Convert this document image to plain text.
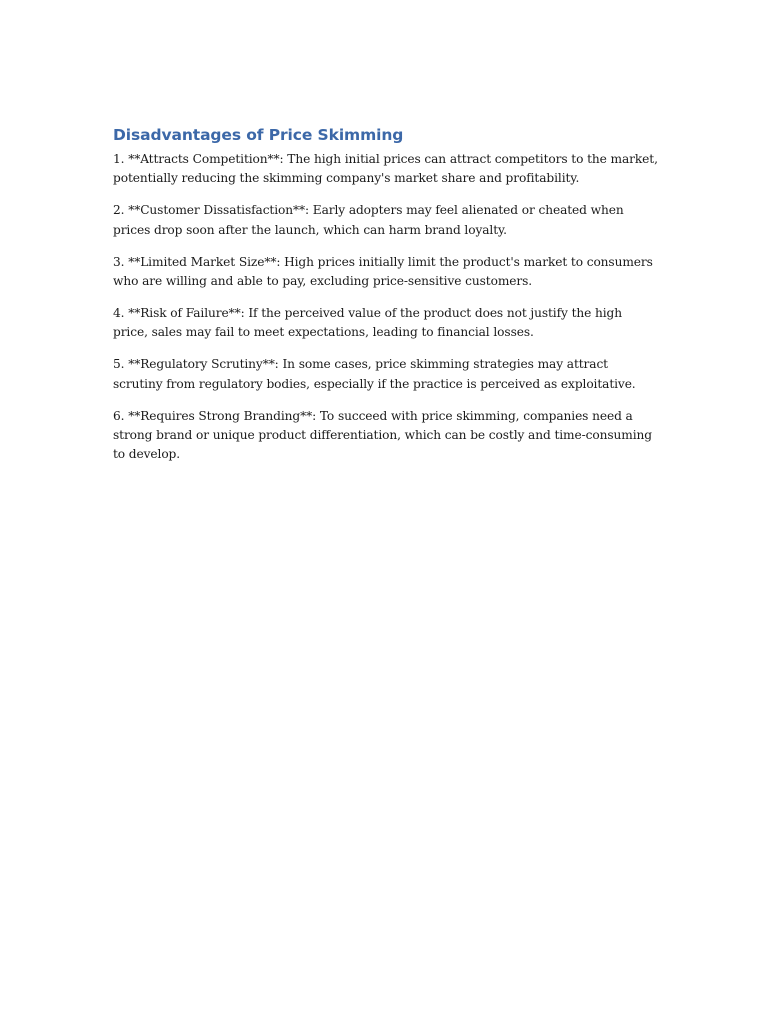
Disadvantages of Price Skimming

1. **Attracts Competition**: The high initial prices can attract competitors to the market, potentially reducing the skimming company's market share and profitability.

2. **Customer Dissatisfaction**: Early adopters may feel alienated or cheated when prices drop soon after the launch, which can harm brand loyalty.

3. **Limited Market Size**: High prices initially limit the product's market to consumers who are willing and able to pay, excluding price-sensitive customers.

4. **Risk of Failure**: If the perceived value of the product does not justify the high price, sales may fail to meet expectations, leading to financial losses.

5. **Regulatory Scrutiny**: In some cases, price skimming strategies may attract scrutiny from regulatory bodies, especially if the practice is perceived as exploitative.

6. **Requires Strong Branding**: To succeed with price skimming, companies need a strong brand or unique product differentiation, which can be costly and time-consuming to develop.
